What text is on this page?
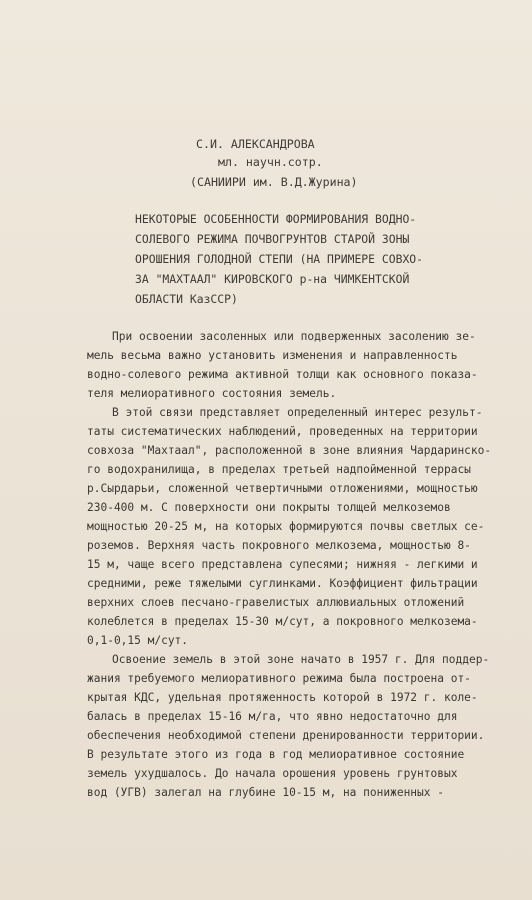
С.И. АЛЕКСАНДРОВА
мл. научн.сотр.
(САНИИРИ им. В.Д.Журина)
НЕКОТОРЫЕ ОСОБЕННОСТИ ФОРМИРОВАНИЯ ВОДНО-
СОЛЕВОГО РЕЖИМА ПОЧВОГРУНТОВ СТАРОЙ ЗОНЫ
ОРОШЕНИЯ ГОЛОДНОЙ СТЕПИ (НА ПРИМЕРЕ СОВХО-
ЗА "МАХТААЛ" КИРОВСКОГО р-на ЧИМКЕНТСКОЙ
ОБЛАСТИ КазССР)
При освоении засоленных или подверженных засолению зе-
мель весьма важно установить изменения и направленность
водно-солевого режима активной толщи как основного показа-
теля мелиоративного состояния земель.
В этой связи представляет определенный интерес результ-
таты систематических наблюдений, проведенных на территории
совхоза "Махтаал", расположенной в зоне влияния Чардаринско-
го водохранилища, в пределах третьей надпойменной террасы
р.Сырдарьи, сложенной четвертичными отложениями, мощностью
230-400 м. С поверхности они покрыты толщей мелкоземов
мощностью 20-25 м, на которых формируются почвы светлых се-
роземов. Верхняя часть покровного мелкозема, мощностью 8-
15 м, чаще всего представлена супесями; нижняя - легкими и
средними, реже тяжелыми суглинками. Коэффициент фильтрации
верхних слоев песчано-гравелистых аллювиальных отложений
колеблется в пределах 15-30 м/сут, а покровного мелкозема-
0,1-0,15 м/сут.
Освоение земель в этой зоне начато в 1957 г. Для поддер-
жания требуемого мелиоративного режима была построена от-
крытая КДС, удельная протяженность которой в 1972 г. коле-
балась в пределах 15-16 м/га, что явно недостаточно для
обеспечения необходимой степени дренированности территории.
В результате этого из года в год мелиоративное состояние
земель ухудшалось. До начала орошения уровень грунтовых
вод (УГВ) залегал на глубине 10-15 м, на пониженных -
